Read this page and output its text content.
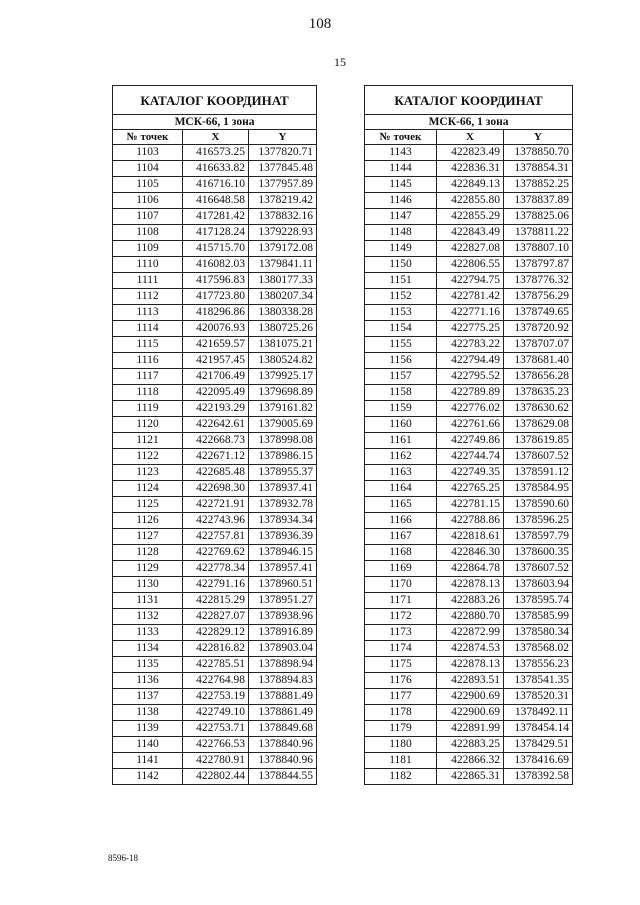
108
15
КАТАЛОГ КООРДИНАТ		
МСК-66, 1 зона		
№ точек	X	Y
1103	416573.25	1377820.71
1104	416633.82	1377845.48
1105	416716.10	1377957.89
1106	416648.58	1378219.42
1107	417281.42	1378832.16
1108	417128.24	1379228.93
1109	415715.70	1379172.08
1110	416082.03	1379841.11
1111	417596.83	1380177.33
1112	417723.80	1380207.34
1113	418296.86	1380338.28
1114	420076.93	1380725.26
1115	421659.57	1381075.21
1116	421957.45	1380524.82
1117	421706.49	1379925.17
1118	422095.49	1379698.89
1119	422193.29	1379161.82
1120	422642.61	1379005.69
1121	422668.73	1378998.08
1122	422671.12	1378986.15
1123	422685.48	1378955.37
1124	422698.30	1378937.41
1125	422721.91	1378932.78
1126	422743.96	1378934.34
1127	422757.81	1378936.39
1128	422769.62	1378946.15
1129	422778.34	1378957.41
1130	422791.16	1378960.51
1131	422815.29	1378951.27
1132	422827.07	1378938.96
1133	422829.12	1378916.89
1134	422816.82	1378903.04
1135	422785.51	1378898.94
1136	422764.98	1378894.83
1137	422753.19	1378881.49
1138	422749.10	1378861.49
1139	422753.71	1378849.68
1140	422766.53	1378840.96
1141	422780.91	1378840.96
1142	422802.44	1378844.55
КАТАЛОГ КООРДИНАТ		
МСК-66, 1 зона		
№ точек	X	Y
1143	422823.49	1378850.70
1144	422836.31	1378854.31
1145	422849.13	1378852.25
1146	422855.80	1378837.89
1147	422855.29	1378825.06
1148	422843.49	1378811.22
1149	422827.08	1378807.10
1150	422806.55	1378797.87
1151	422794.75	1378776.32
1152	422781.42	1378756.29
1153	422771.16	1378749.65
1154	422775.25	1378720.92
1155	422783.22	1378707.07
1156	422794.49	1378681.40
1157	422795.52	1378656.28
1158	422789.89	1378635.23
1159	422776.02	1378630.62
1160	422761.66	1378629.08
1161	422749.86	1378619.85
1162	422744.74	1378607.52
1163	422749.35	1378591.12
1164	422765.25	1378584.95
1165	422781.15	1378590.60
1166	422788.86	1378596.25
1167	422818.61	1378597.79
1168	422846.30	1378600.35
1169	422864.78	1378607.52
1170	422878.13	1378603.94
1171	422883.26	1378595.74
1172	422880.70	1378585.99
1173	422872.99	1378580.34
1174	422874.53	1378568.02
1175	422878.13	1378556.23
1176	422893.51	1378541.35
1177	422900.69	1378520.31
1178	422900.69	1378492.11
1179	422891.99	1378454.14
1180	422883.25	1378429.51
1181	422866.32	1378416.69
1182	422865.31	1378392.58
8596-18
